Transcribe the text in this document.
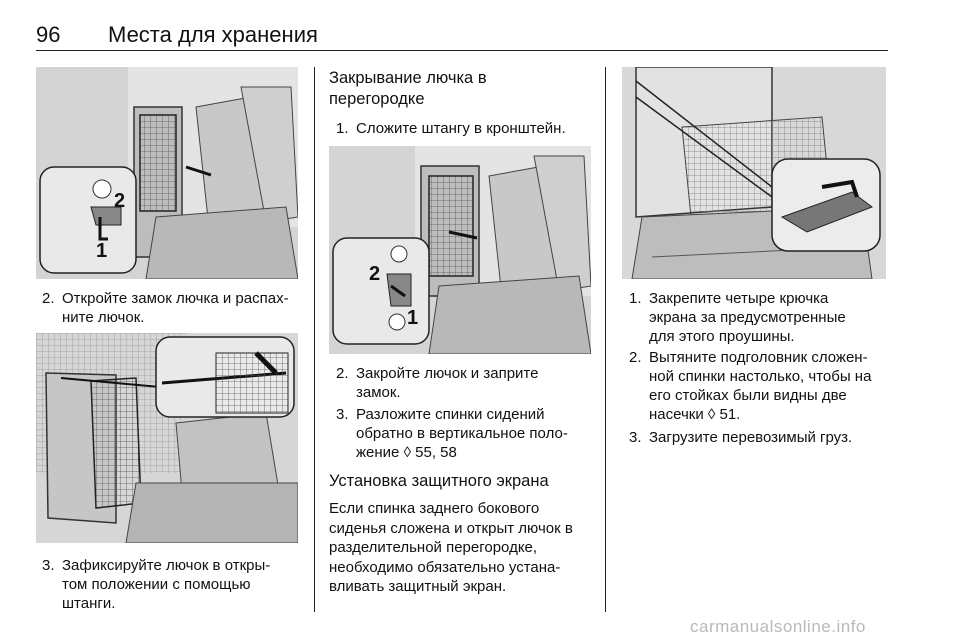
96 Места для хранения
2
1
2. Откройте замок лючка и распах-
ните лючок.
3. Зафиксируйте лючок в откры-
том положении с помощью
штанги.
Закрывание лючка в
перегородке
1. Сложите штангу в кронштейн.
2
1
2. Закройте лючок и заприте
замок.
3. Разложите спинки сидений
обратно в вертикальное поло-
жение ◊ 55, 58
Установка защитного экрана
Если спинка заднего бокового
сиденья сложена и открыт лючок в
разделительной перегородке,
необходимо обязательно устана-
вливать защитный экран.
1. Закрепите четыре крючка
экрана за предусмотренные
для этого проушины.
2. Вытяните подголовник сложен-
ной спинки настолько, чтобы на
его стойках были видны две
насечки ◊ 51.
3. Загрузите перевозимый груз.
carmanualsonline.info
